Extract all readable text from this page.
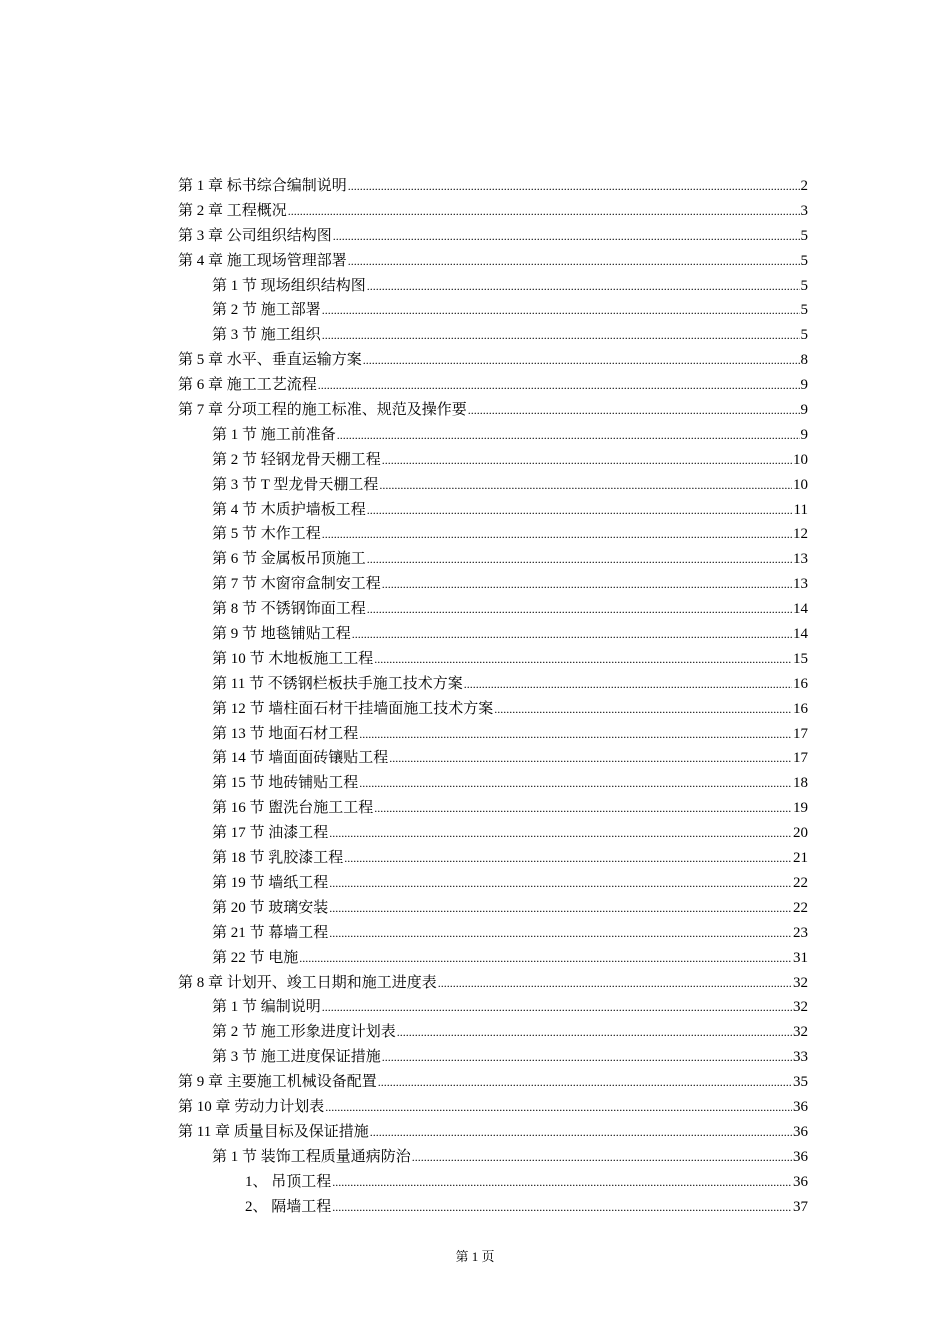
第 1 章 标书综合编制说明 .....	2
第 2 章 工程概况 .....	3
第 3 章 公司组织结构图 .....	5
第 4 章 施工现场管理部署 .....	5
第 1 节 现场组织结构图 .....	5
第 2 节 施工部署 .....	5
第 3 节 施工组织 .....	5
第 5 章 水平、垂直运输方案 .....	8
第 6 章 施工工艺流程 .....	9
第 7 章 分项工程的施工标准、规范及操作要 .....	9
第 1 节 施工前准备 .....	9
第 2 节 轻钢龙骨天棚工程 .....	10
第 3 节 T 型龙骨天棚工程 .....	10
第 4 节 木质护墙板工程 .....	11
第 5 节 木作工程 .....	12
第 6 节 金属板吊顶施工 .....	13
第 7 节 木窗帘盒制安工程 .....	13
第 8 节 不锈钢饰面工程 .....	14
第 9 节 地毯铺贴工程 .....	14
第 10 节 木地板施工工程 .....	15
第 11 节 不锈钢栏板扶手施工技术方案 .....	16
第 12 节 墙柱面石材干挂墙面施工技术方案 .....	16
第 13 节 地面石材工程 .....	17
第 14 节 墙面面砖镶贴工程 .....	17
第 15 节 地砖铺贴工程 .....	18
第 16 节 盥洗台施工工程 .....	19
第 17 节 油漆工程 .....	20
第 18 节 乳胶漆工程 .....	21
第 19 节 墙纸工程 .....	22
第 20 节 玻璃安装 .....	22
第 21 节 幕墙工程 .....	23
第 22 节 电施 .....	31
第 8 章 计划开、竣工日期和施工进度表 .....	32
第 1 节 编制说明 .....	32
第 2 节 施工形象进度计划表 .....	32
第 3 节 施工进度保证措施 .....	33
第 9 章 主要施工机械设备配置 .....	35
第 10 章 劳动力计划表 .....	36
第 11 章 质量目标及保证措施 .....	36
第 1 节 装饰工程质量通病防治 .....	36
1、 吊顶工程 .....	36
2、 隔墙工程 .....	37
第 1 页
